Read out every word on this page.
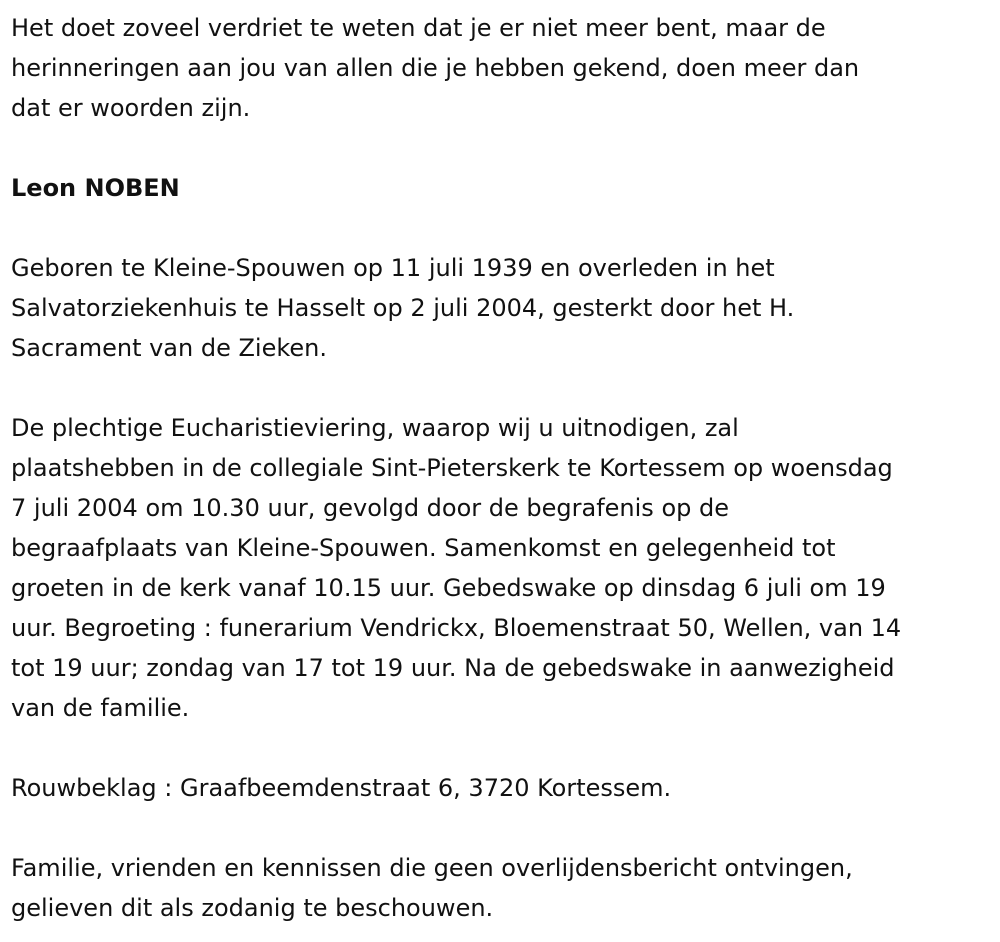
Het doet zoveel verdriet te weten dat je er niet meer bent, maar de
herinneringen aan jou van allen die je hebben gekend, doen meer dan
dat er woorden zijn.

Leon NOBEN

Geboren te Kleine-Spouwen op 11 juli 1939 en overleden in het
Salvatorziekenhuis te Hasselt op 2 juli 2004, gesterkt door het H.
Sacrament van de Zieken.

De plechtige Eucharistieviering, waarop wij u uitnodigen, zal
plaatshebben in de collegiale Sint-Pieterskerk te Kortessem op woensdag
7 juli 2004 om 10.30 uur, gevolgd door de begrafenis op de
begraafplaats van Kleine-Spouwen. Samenkomst en gelegenheid tot
groeten in de kerk vanaf 10.15 uur. Gebedswake op dinsdag 6 juli om 19
uur. Begroeting : funerarium Vendrickx, Bloemenstraat 50, Wellen, van 14
tot 19 uur; zondag van 17 tot 19 uur. Na de gebedswake in aanwezigheid
van de familie.

Rouwbeklag : Graafbeemdenstraat 6, 3720 Kortessem.

Familie, vrienden en kennissen die geen overlijdensbericht ontvingen,
gelieven dit als zodanig te beschouwen.
